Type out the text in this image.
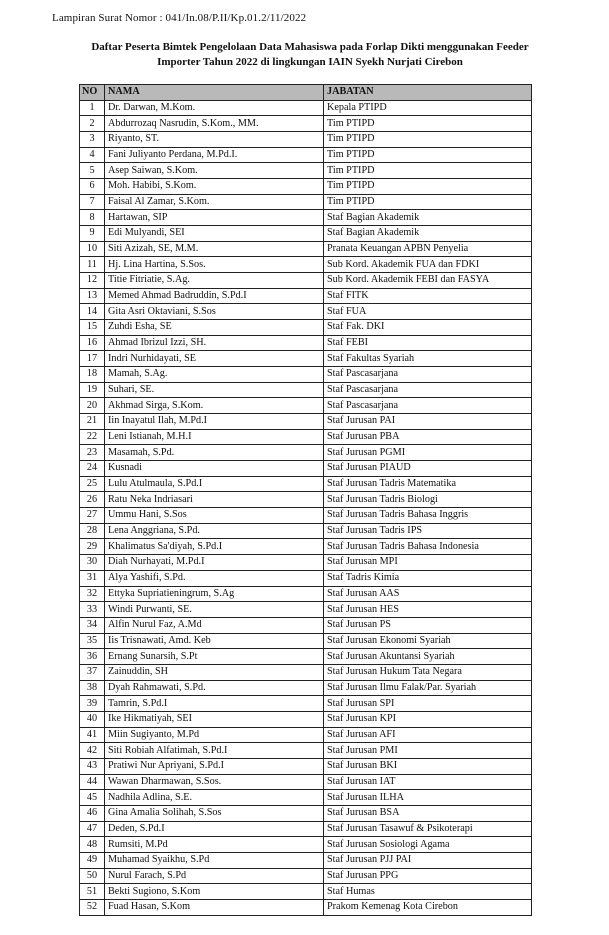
Lampiran Surat Nomor : 041/In.08/P.II/Kp.01.2/11/2022
Daftar Peserta Bimtek Pengelolaan Data Mahasiswa pada Forlap Dikti menggunakan Feeder
Importer Tahun 2022 di lingkungan IAIN Syekh Nurjati Cirebon
NO	NAMA	JABATAN
1	Dr. Darwan, M.Kom.	Kepala PTIPD
2	Abdurrozaq Nasrudin, S.Kom., MM.	Tim PTIPD
3	Riyanto, ST.	Tim PTIPD
4	Fani Juliyanto Perdana, M.Pd.I.	Tim PTIPD
5	Asep Saiwan, S.Kom.	Tim PTIPD
6	Moh. Habibi, S.Kom.	Tim PTIPD
7	Faisal Al Zamar, S.Kom.	Tim PTIPD
8	Hartawan, SIP	Staf Bagian Akademik
9	Edi Mulyandi, SEI	Staf Bagian Akademik
10	Siti Azizah, SE, M.M.	Pranata Keuangan APBN Penyelia
11	Hj. Lina Hartina, S.Sos.	Sub Kord. Akademik FUA dan FDKI
12	Titie Fitriatie, S.Ag.	Sub Kord. Akademik FEBI dan FASYA
13	Memed Ahmad Badruddin, S.Pd.I	Staf FITK
14	Gita Asri Oktaviani, S.Sos	Staf FUA
15	Zuhdi Esha, SE	Staf Fak. DKI
16	Ahmad Ibrizul Izzi, SH.	Staf FEBI
17	Indri Nurhidayati, SE	Staf Fakultas Syariah
18	Mamah, S.Ag.	Staf Pascasarjana
19	Suhari, SE.	Staf Pascasarjana
20	Akhmad Sirga, S.Kom.	Staf Pascasarjana
21	Iin Inayatul Ilah, M.Pd.I	Staf Jurusan PAI
22	Leni Istianah, M.H.I	Staf Jurusan PBA
23	Masamah, S.Pd.	Staf Jurusan PGMI
24	Kusnadi	Staf Jurusan PIAUD
25	Lulu Atulmaula, S.Pd.I	Staf Jurusan Tadris Matematika
26	Ratu Neka Indriasari	Staf Jurusan Tadris Biologi
27	Ummu Hani, S.Sos	Staf Jurusan Tadris Bahasa Inggris
28	Lena Anggriana, S.Pd.	Staf Jurusan Tadris IPS
29	Khalimatus Sa'diyah, S.Pd.I	Staf Jurusan Tadris Bahasa Indonesia
30	Diah Nurhayati, M.Pd.I	Staf Jurusan MPI
31	Alya Yashifi, S.Pd.	Staf Tadris Kimia
32	Ettyka Supriatieningrum, S.Ag	Staf Jurusan AAS
33	Windi Purwanti, SE.	Staf Jurusan HES
34	Alfin Nurul Faz, A.Md	Staf Jurusan PS
35	Iis Trisnawati, Amd. Keb	Staf Jurusan Ekonomi Syariah
36	Ernang Sunarsih, S.Pt	Staf Jurusan Akuntansi Syariah
37	Zainuddin, SH	Staf Jurusan Hukum Tata Negara
38	Dyah Rahmawati, S.Pd.	Staf Jurusan Ilmu Falak/Par. Syariah
39	Tamrin, S.Pd.I	Staf Jurusan SPI
40	Ike Hikmatiyah, SEI	Staf Jurusan KPI
41	Miin Sugiyanto, M.Pd	Staf Jurusan AFI
42	Siti Robiah Alfatimah, S.Pd.I	Staf Jurusan PMI
43	Pratiwi Nur Apriyani, S.Pd.I	Staf Jurusan BKI
44	Wawan Dharmawan, S.Sos.	Staf Jurusan IAT
45	Nadhila Adlina, S.E.	Staf Jurusan ILHA
46	Gina Amalia Solihah, S.Sos	Staf Jurusan BSA
47	Deden, S.Pd.I	Staf Jurusan Tasawuf & Psikoterapi
48	Rumsiti, M.Pd	Staf Jurusan Sosiologi Agama
49	Muhamad Syaikhu, S.Pd	Staf Jurusan PJJ PAI
50	Nurul Farach, S.Pd	Staf Jurusan PPG
51	Bekti Sugiono, S.Kom	Staf Humas
52	Fuad Hasan, S.Kom	Prakom Kemenag Kota Cirebon
